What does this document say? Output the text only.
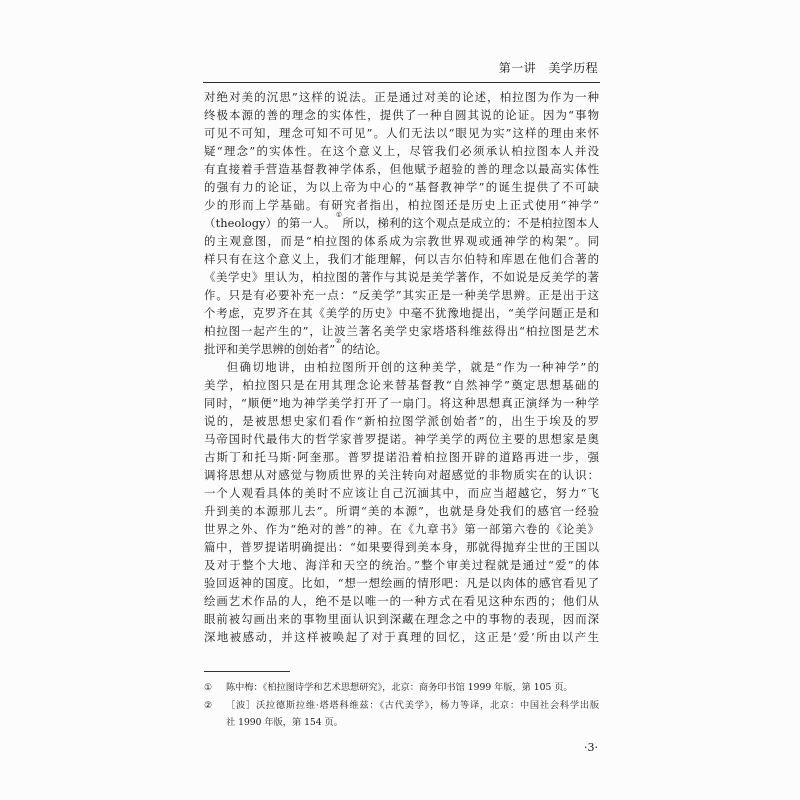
第一讲　美学历程
对绝对美的沉思”这样的说法。正是通过对美的论述，柏拉图为作为一种
终极本源的善的理念的实体性，提供了一种自圆其说的论证。因为“事物
可见不可知，理念可知不可见”。人们无法以“眼见为实”这样的理由来怀
疑“理念”的实体性。在这个意义上，尽管我们必须承认柏拉图本人并没
有直接着手营造基督教神学体系，但他赋予超验的善的理念以最高实体性
的强有力的论证，为以上帝为中心的“基督教神学”的诞生提供了不可缺
少的形而上学基础。有研究者指出，柏拉图还是历史上正式使用“神学”
（theology）的第一人。①所以，梯利的这个观点是成立的：不是柏拉图本人
的主观意图，而是“柏拉图的体系成为宗教世界观或通神学的构架”。同
样只有在这个意义上，我们才能理解，何以吉尔伯特和库恩在他们合著的
《美学史》里认为，柏拉图的著作与其说是美学著作，不如说是反美学的著
作。只是有必要补充一点：“反美学”其实正是一种美学思辨。正是出于这
个考虑，克罗齐在其《美学的历史》中毫不犹豫地提出，“美学问题正是和
柏拉图一起产生的”，让波兰著名美学史家塔塔科维兹得出“柏拉图是艺术
批评和美学思辨的创始者”②的结论。
但确切地讲，由柏拉图所开创的这种美学，就是“作为一种神学”的
美学，柏拉图只是在用其理念论来替基督教“自然神学”奠定思想基础的
同时，“顺便”地为神学美学打开了一扇门。将这种思想真正演绎为一种学
说的，是被思想史家们看作“新柏拉图学派创始者”的，出生于埃及的罗
马帝国时代最伟大的哲学家普罗提诺。神学美学的两位主要的思想家是奥
古斯丁和托马斯·阿奎那。普罗提诺沿着柏拉图开辟的道路再进一步，强
调将思想从对感觉与物质世界的关注转向对超感觉的非物质实在的认识：
一个人观看具体的美时不应该让自己沉湎其中，而应当超越它，努力“飞
升到美的本源那儿去”。所谓“美的本源”，也就是身处我们的感官一经验
世界之外、作为“绝对的善”的神。在《九章书》第一部第六卷的《论美》
篇中，普罗提诺明确提出：“如果要得到美本身，那就得抛弃尘世的王国以
及对于整个大地、海洋和天空的统治。”整个审美过程就是通过“爱”的体
验回返神的国度。比如，“想一想绘画的情形吧：凡是以肉体的感官看见了
绘画艺术作品的人，绝不是以唯一的一种方式在看见这种东西的；他们从
眼前被勾画出来的事物里面认识到深藏在理念之中的事物的表现，因而深
深地被感动，并这样被唤起了对于真理的回忆，这正是‘爱’所由以产生
①	陈中梅：《柏拉图诗学和艺术思想研究》，北京：商务印书馆 1999 年版，第 105 页。
②	［波］沃拉德斯拉维·塔塔科维兹：《古代美学》，杨力等译，北京：中国社会科学出版
社 1990 年版，第 154 页。
·3·
